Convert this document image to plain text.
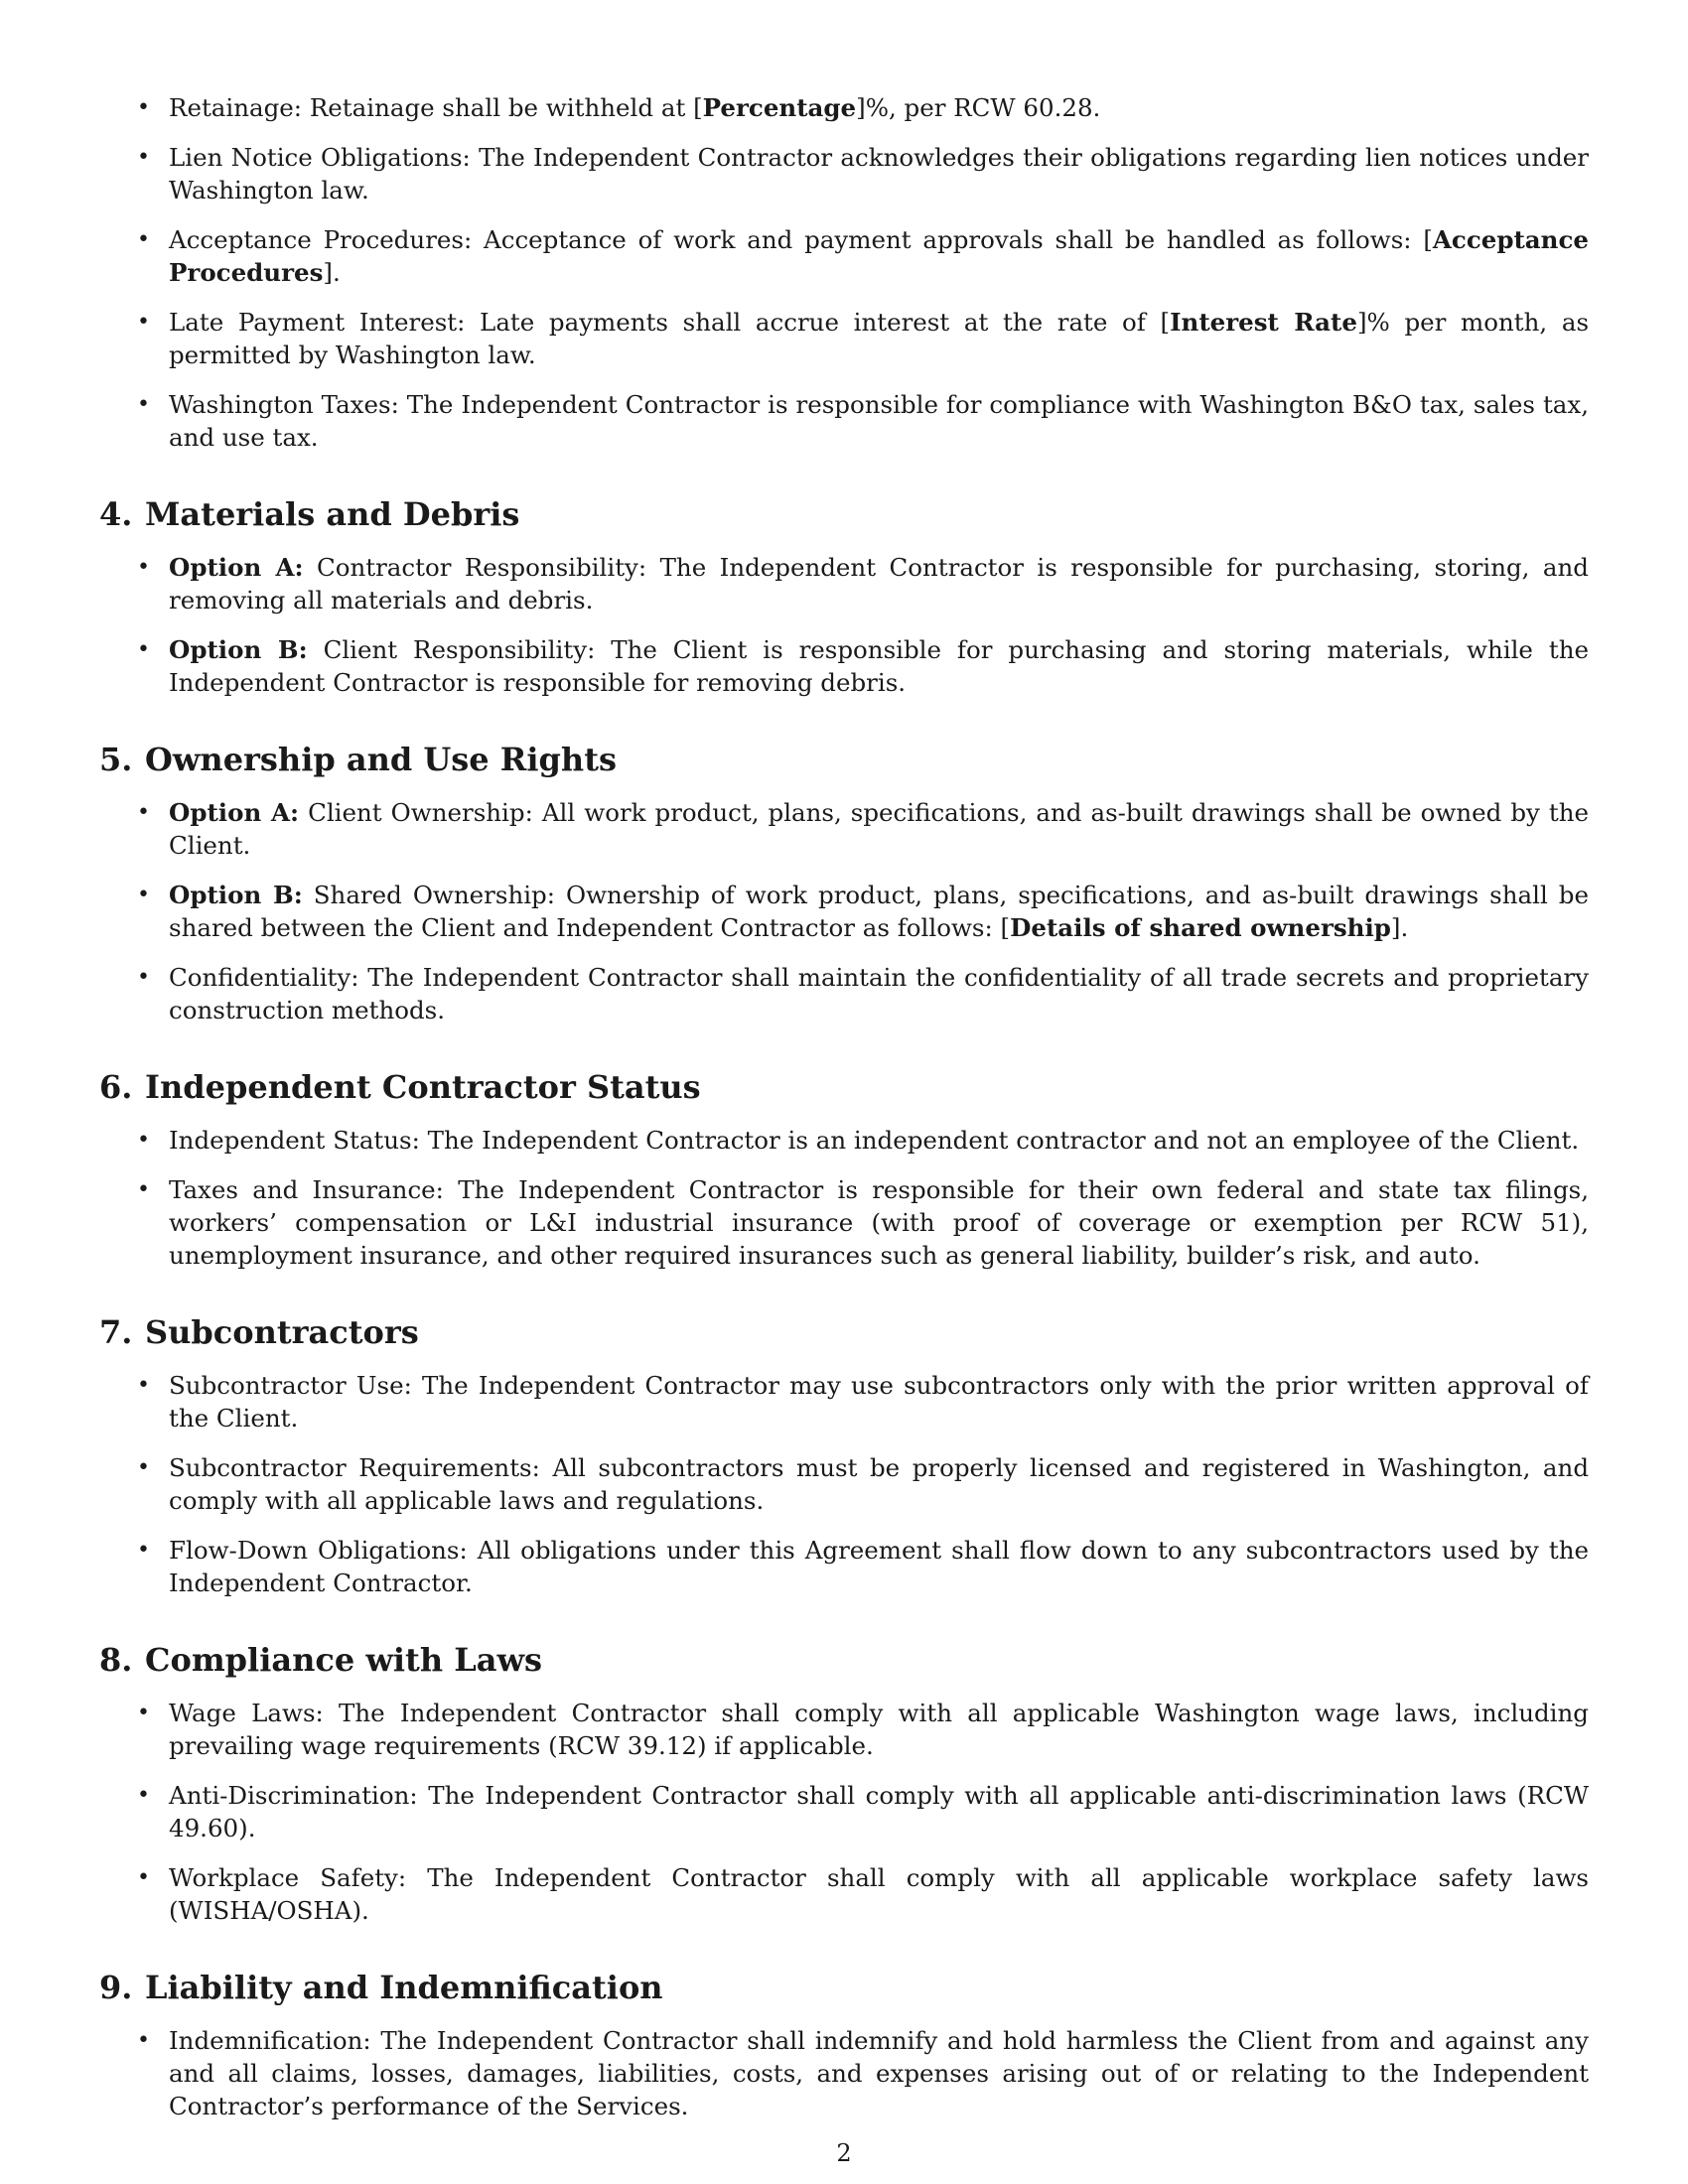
• Retainage: Retainage shall be withheld at [Percentage]%, per RCW 60.28.
• Lien Notice Obligations: The Independent Contractor acknowledges their obligations regarding lien notices under Washington law.
• Acceptance Procedures: Acceptance of work and payment approvals shall be handled as follows: [Acceptance Procedures].
• Late Payment Interest: Late payments shall accrue interest at the rate of [Interest Rate]% per month, as permitted by Washington law.
• Washington Taxes: The Independent Contractor is responsible for compliance with Washington B&O tax, sales tax, and use tax.
4. Materials and Debris
• Option A: Contractor Responsibility: The Independent Contractor is responsible for purchasing, storing, and removing all materials and debris.
• Option B: Client Responsibility: The Client is responsible for purchasing and storing materials, while the Independent Contractor is responsible for removing debris.
5. Ownership and Use Rights
• Option A: Client Ownership: All work product, plans, specifications, and as-built drawings shall be owned by the Client.
• Option B: Shared Ownership: Ownership of work product, plans, specifications, and as-built drawings shall be shared between the Client and Independent Contractor as follows: [Details of shared ownership].
• Confidentiality: The Independent Contractor shall maintain the confidentiality of all trade secrets and proprietary construction methods.
6. Independent Contractor Status
• Independent Status: The Independent Contractor is an independent contractor and not an employee of the Client.
• Taxes and Insurance: The Independent Contractor is responsible for their own federal and state tax filings, workers’ compensation or L&I industrial insurance (with proof of coverage or exemption per RCW 51), unemployment insurance, and other required insurances such as general liability, builder’s risk, and auto.
7. Subcontractors
• Subcontractor Use: The Independent Contractor may use subcontractors only with the prior written approval of the Client.
• Subcontractor Requirements: All subcontractors must be properly licensed and registered in Washington, and comply with all applicable laws and regulations.
• Flow-Down Obligations: All obligations under this Agreement shall flow down to any subcontractors used by the Independent Contractor.
8. Compliance with Laws
• Wage Laws: The Independent Contractor shall comply with all applicable Washington wage laws, including prevailing wage requirements (RCW 39.12) if applicable.
• Anti-Discrimination: The Independent Contractor shall comply with all applicable anti-discrimination laws (RCW 49.60).
• Workplace Safety: The Independent Contractor shall comply with all applicable workplace safety laws (WISHA/OSHA).
9. Liability and Indemnification
• Indemnification: The Independent Contractor shall indemnify and hold harmless the Client from and against any and all claims, losses, damages, liabilities, costs, and expenses arising out of or relating to the Independent Contractor’s performance of the Services.
2
